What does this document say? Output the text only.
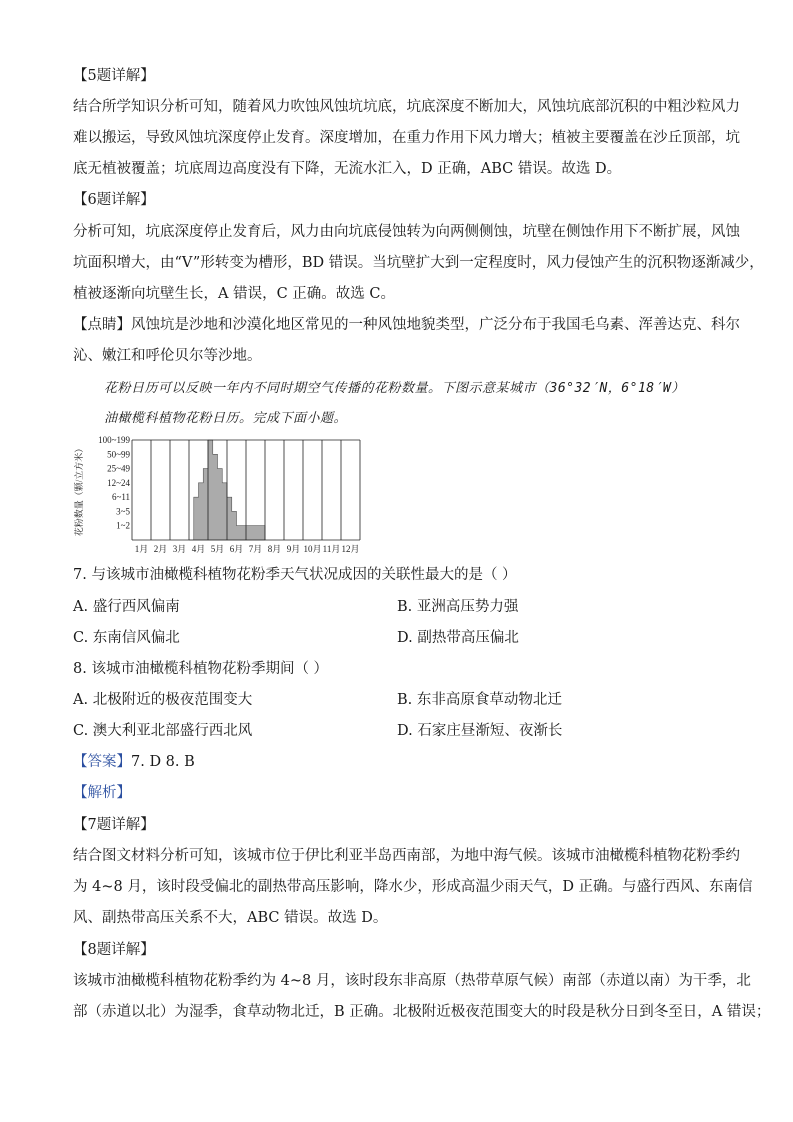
【5题详解】
结合所学知识分析可知，随着风力吹蚀风蚀坑坑底，坑底深度不断加大，风蚀坑底部沉积的中粗沙粒风力
难以搬运，导致风蚀坑深度停止发育。深度增加，在重力作用下风力增大；植被主要覆盖在沙丘顶部，坑
底无植被覆盖；坑底周边高度没有下降，无流水汇入，D 正确，ABC 错误。故选 D。
【6题详解】
分析可知，坑底深度停止发育后，风力由向坑底侵蚀转为向两侧侧蚀，坑壁在侧蚀作用下不断扩展，风蚀
坑面积增大，由“V”形转变为槽形，BD 错误。当坑壁扩大到一定程度时，风力侵蚀产生的沉积物逐渐减少，
植被逐渐向坑壁生长，A 错误，C 正确。故选 C。
【点睛】风蚀坑是沙地和沙漠化地区常见的一种风蚀地貌类型，广泛分布于我国毛乌素、浑善达克、科尔
沁、嫩江和呼伦贝尔等沙地。
花粉日历可以反映一年内不同时期空气传播的花粉数量。下图示意某城市（36°32′N，6°18′W）
油橄榄科植物花粉日历。完成下面小题。
花粉数量（颗/立方米）	1~2
3~5
6~11
12~24
25~49
50~99
100~199
1月 2月 3月 4月 5月 6月 7月 8月 9月 10月 11月 12月
7. 与该城市油橄榄科植物花粉季天气状况成因的关联性最大的是（ ）
A. 盛行西风偏南	B. 亚洲高压势力强
C. 东南信风偏北	D. 副热带高压偏北
8. 该城市油橄榄科植物花粉季期间（ ）
A. 北极附近的极夜范围变大	B. 东非高原食草动物北迁
C. 澳大利亚北部盛行西北风	D. 石家庄昼渐短、夜渐长
【答案】7. D 8. B
【解析】
【7题详解】
结合图文材料分析可知，该城市位于伊比利亚半岛西南部，为地中海气候。该城市油橄榄科植物花粉季约
为 4~8 月，该时段受偏北的副热带高压影响，降水少，形成高温少雨天气，D 正确。与盛行西风、东南信
风、副热带高压关系不大，ABC 错误。故选 D。
【8题详解】
该城市油橄榄科植物花粉季约为 4~8 月，该时段东非高原（热带草原气候）南部（赤道以南）为干季，北
部（赤道以北）为湿季，食草动物北迁，B 正确。北极附近极夜范围变大的时段是秋分日到冬至日，A 错误；
